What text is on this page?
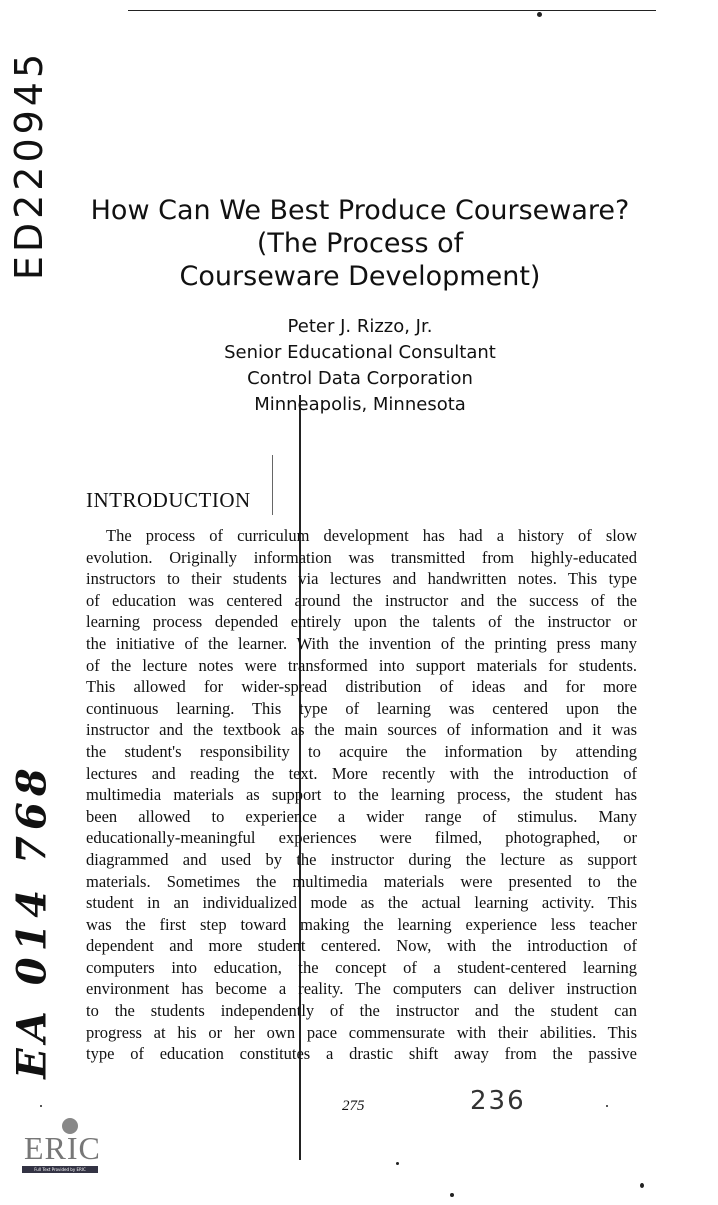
ED220945
EA 014 768
How Can We Best Produce Courseware?
(The Process of
Courseware Development)
Peter J. Rizzo, Jr.
Senior Educational Consultant
Control Data Corporation
Minneapolis, Minnesota
INTRODUCTION
The process of curriculum development has had a history of slow
evolution. Originally information was transmitted from highly-educated
instructors to their students via lectures and handwritten notes. This type
of education was centered around the instructor and the success of the
learning process depended entirely upon the talents of the instructor or
the initiative of the learner. With the invention of the printing press many
of the lecture notes were transformed into support materials for students.
This allowed for wider-spread distribution of ideas and for more
continuous learning. This type of learning was centered upon the
instructor and the textbook as the main sources of information and it was
the student's responsibility to acquire the information by attending
lectures and reading the text. More recently with the introduction of
multimedia materials as support to the learning process, the student has
been allowed to experience a wider range of stimulus. Many
educationally-meaningful experiences were filmed, photographed, or
diagrammed and used by the instructor during the lecture as support
materials. Sometimes the multimedia materials were presented to the
student in an individualized mode as the actual learning activity. This
was the first step toward making the learning experience less teacher
dependent and more student centered. Now, with the introduction of
computers into education, the concept of a student-centered learning
environment has become a reality. The computers can deliver instruction
to the students independently of the instructor and the student can
progress at his or her own pace commensurate with their abilities. This
type of education constitutes a drastic shift away from the passive
275	236
ERIC
Full Text Provided by ERIC
